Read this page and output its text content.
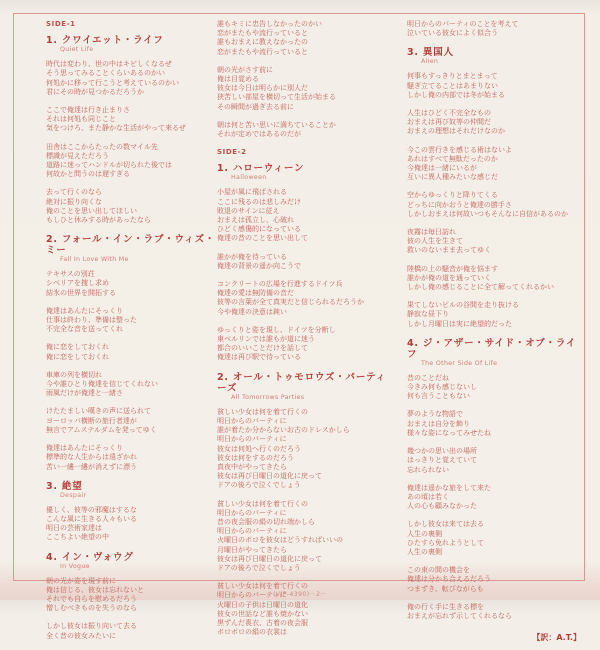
SIDE-1
1. クワイエット・ライフ
Quiet Life
時代は変わり、世の中はキビしくなるぜ
そう思ってみることくらいあるのかい
何処かに移って行こうと考えているのかい
君にその時が見つかるだろうか
ここで俺達は行き止まりさ
それは何処も同じこと
気をつけろ、また静かな生活がやって来るぜ
田舎はここからたったの数マイル先
標識が見えただろう
道路に迷ってハンドルが切られた後では
何故かと問うのは遅すぎる
去って行くのなら
絶対に振り向くな
俺のことを思い出してほしい
もしひと休みする時があったなら
2. フォール・イン・ラブ・ウィズ・ミー
Fall In Love With Me
テキサスの別荘
シベリアを捜し求め
結氷の世界を開拓する
俺達はあんたにそっくり
仕事は終わり、準備は整った
不完全な音を送ってくれ
俺に恋をしておくれ
俺に恋をしておくれ
車庫の列を横切れ
今や誰ひとり俺達を信じてくれない
雨風だけが俺達と一緒さ
けたたましい嘆きの声に送られて
ヨーロッパ横断の旅行者達が
無言でアムステルダムを発ってゆく
俺達はあんたにそっくり
標準的な人生からは遠ざかれ
苦い一縷一縷が消えずに漂う
3. 絶望
Despair
優しく、彼等の邪魔はするな
こんな風に生きる人々もいる
明日の芸術家達は
ここちよい絶望の中
4. イン・ヴォウグ
In Vogue
朝の光が姿を現す前に
俺は信じる、彼女は忘れないと
それでも自らを慰めるだろう
憎しむべきものを失うのなら
しかし彼女は振り向いて去る
全く昔の彼女みたいに
誰もキミに忠告しなかったのかい
恋がまたもや流行っていると
誰もおまえに教えなかったの
恋がまたもや流行っていると
朝の光がさす前に
俺は目覚める
彼女は今日は明らかに別人だ
狭苦しい部屋を横切って生活が始まる
その瞬間が過ぎ去る前に
朝は何と苦い思いに満ちていることか
それが定めではあるのだが
SIDE-2
1. ハローウィーン
Halloween
小屋が風に飛ばされる
ここに残るのは悲しみだけ
敗退のサインに従え
おまえは孤立し、心破れ
ひどく感傷的になっている
俺達の昔のことを思い出して
誰かが俺を待っている
俺達の背景の遥か向こうで
コンクリートの広場を行進するドイツ兵
俺達の愛は無防備の音だ
彼等の言葉が全て真実だと信じられるだろうか
今や俺達の決意は鈍い
ゆっくりと姿を現し、ドイツを分断し
東ベルリンでは誰もが道に迷う
都合のいいことだけを話して
俺達は再び駅で待っている
2. オール・トゥモロウズ・パーティーズ
All Tomorrows Parties
貧しい少女は何を着て行くの
明日からのパーティに
誰が着たか分からないお古のドレスかしら
明日からのパーティに
彼女は何処へ行くのだろう
彼女は何をするのだろう
真夜中がやってきたら
彼女は再び日曜日の道化に戻って
ドアの後ろで泣くでしょう
貧しい少女は何を着て行くの
明日からのパーティに
昔の夜会服の絹の切れ端かしら
明日からのパーティに
火曜日のボロを彼女はどうすればいいの
月曜日がやってきたら
彼女は再び日曜日の道化に戻って
ドアの後ろで泣くでしょう
貧しい少女は何を着て行くの
明日からのパーティに
火曜日の子供は日曜日の道化
彼女の世話など誰も焼かない
黒ずんだ喪衣、古着の夜会服
ボロボロの絹の衣裳は
明日からのパーティのことを考えて
泣いている彼女によく似合う
3. 異国人
Alien
何事もすっきりとまとまって
騒ぎ立てることはあまりない
しかし俺の内部では冬が始まる
人生はひどく不完全なもの
おまえは再び奴等の仲間だ
おまえの理想はそれだけなのか
今この雲行きを感じる術はないよ
あれはすべて無駄だったのか
今俺達は一緒にいるが
互いに異人種みたいな感じだ
空からゆっくりと降りてくる
どっちに向かおうと俺達の勝手さ
しかしおまえは何故いつもそんなに自信があるのか
夜霧は毎日訪れ
彼の人生を生きて
救いのないまま去ってゆく
陸橋の上の騒音が俺を悩ます
誰かが俺の道を通っていく
しかし俺の感じることに全て解ってくれるかい
果てしないビルの谷間を走り抜ける
静寂な昼下り
しかし月曜日は実に絶望的だった
4. ジ・アザー・サイド・オブ・ライフ
The Other Side Of Life
昔のことだね
今きみ何も感じないし
何も言うこともない
夢のような物語で
おまえは自分を飾り
様々な姿になってみせたね
幾つかの思い出の場所
はっきりと覚えていて
忘れられない
俺達は遥かな旅をして来た
あの頃は若く
人の心も顧みなかった
しかし彼女は来ては去る
人生の裏側
ひたすら免れようとして
人生の裏側
この束の間の機会を
俺達は分かち合えるだろう
つまずき、転びながらも
俺の行く手に生きる標を
おまえが忘れず示してくれるなら
【訳：A.T.】
(VIP-4390)－2－
